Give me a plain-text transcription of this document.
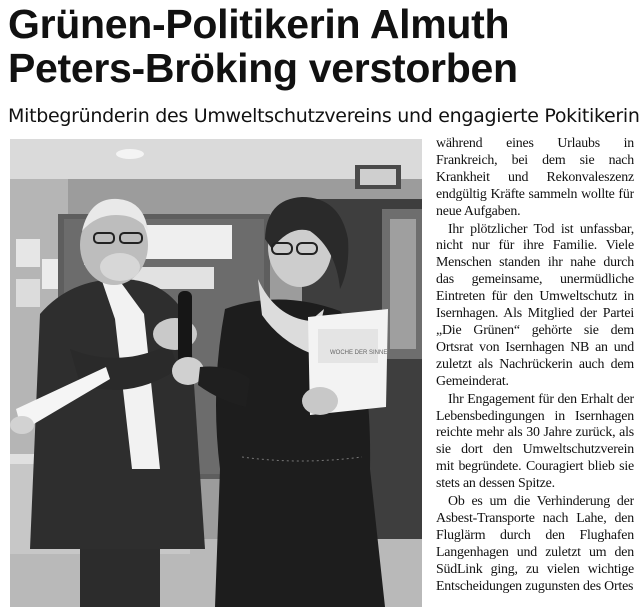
Grünen-Politikerin Almuth Peters-Bröking verstorben
Mitbegründerin des Umweltschutzvereins und engagierte Pokitikerin
WOCHE DER SINNE

während eines Urlaubs in Frankreich, bei dem sie nach Krankheit und Rekonvaleszenz endgültig Kräfte sammeln wollte für neue Aufgaben.

Ihr plötzlicher Tod ist unfassbar, nicht nur für ihre Familie. Viele Menschen standen ihr nahe durch das gemeinsame, unermüdliche Eintreten für den Umweltschutz in Isernhagen. Als Mitglied der Partei „Die Grünen“ gehörte sie dem Ortsrat von Isernhagen NB an und zuletzt als Nachrückerin auch dem Gemeinderat.

Ihr Engagement für den Erhalt der Lebensbedingungen in Isernhagen reichte mehr als 30 Jahre zurück, als sie dort den Umweltschutzverein mit begründete. Couragiert blieb sie stets an dessen Spitze.

Ob es um die Verhinderung der Asbest-Transporte nach Lahe, den Fluglärm durch den Flughafen Langenhagen und zuletzt um den SüdLink ging, zu vielen wichtige Entscheidungen zugunsten des Ortes
